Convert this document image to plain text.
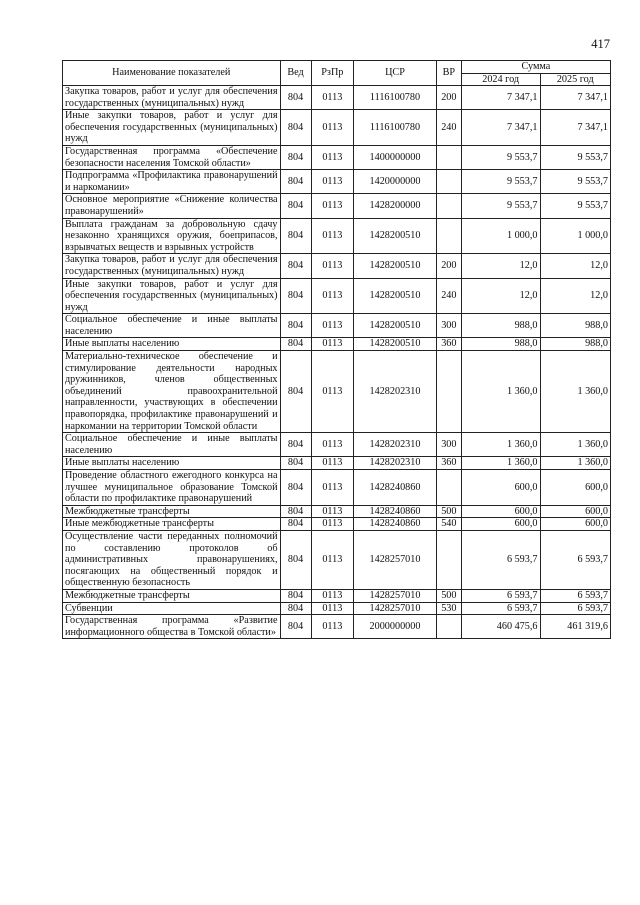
417
Наименование показателей	Вед	РзПр	ЦСР	ВР	Сумма	
					2024 год	2025 год
Закупка товаров, работ и услуг для обеспечения государственных (муниципальных) нужд	804	0113	1116100780	200	7 347,1	7 347,1
Иные закупки товаров, работ и услуг для обеспечения государственных (муниципальных) нужд	804	0113	1116100780	240	7 347,1	7 347,1
Государственная программа «Обеспечение безопасности населения Томской области»	804	0113	1400000000		9 553,7	9 553,7
Подпрограмма «Профилактика правонарушений и наркомании»	804	0113	1420000000		9 553,7	9 553,7
Основное мероприятие «Снижение количества правонарушений»	804	0113	1428200000		9 553,7	9 553,7
Выплата гражданам за добровольную сдачу незаконно хранящихся оружия, боеприпасов, взрывчатых веществ и взрывных устройств	804	0113	1428200510		1 000,0	1 000,0
Закупка товаров, работ и услуг для обеспечения государственных (муниципальных) нужд	804	0113	1428200510	200	12,0	12,0
Иные закупки товаров, работ и услуг для обеспечения государственных (муниципальных) нужд	804	0113	1428200510	240	12,0	12,0
Социальное обеспечение и иные выплаты населению	804	0113	1428200510	300	988,0	988,0
Иные выплаты населению	804	0113	1428200510	360	988,0	988,0
Материально-техническое обеспечение и стимулирование деятельности народных дружинников, членов общественных объединений правоохранительной направленности, участвующих в обеспечении правопорядка, профилактике правонарушений и наркомании на территории Томской области	804	0113	1428202310		1 360,0	1 360,0
Социальное обеспечение и иные выплаты населению	804	0113	1428202310	300	1 360,0	1 360,0
Иные выплаты населению	804	0113	1428202310	360	1 360,0	1 360,0
Проведение областного ежегодного конкурса на лучшее муниципальное образование Томской области по профилактике правонарушений	804	0113	1428240860		600,0	600,0
Межбюджетные трансферты	804	0113	1428240860	500	600,0	600,0
Иные межбюджетные трансферты	804	0113	1428240860	540	600,0	600,0
Осуществление части переданных полномочий по составлению протоколов об административных правонарушениях, посягающих на общественный порядок и общественную безопасность	804	0113	1428257010		6 593,7	6 593,7
Межбюджетные трансферты	804	0113	1428257010	500	6 593,7	6 593,7
Субвенции	804	0113	1428257010	530	6 593,7	6 593,7
Государственная программа «Развитие информационного общества в Томской области»	804	0113	2000000000		460 475,6	461 319,6
